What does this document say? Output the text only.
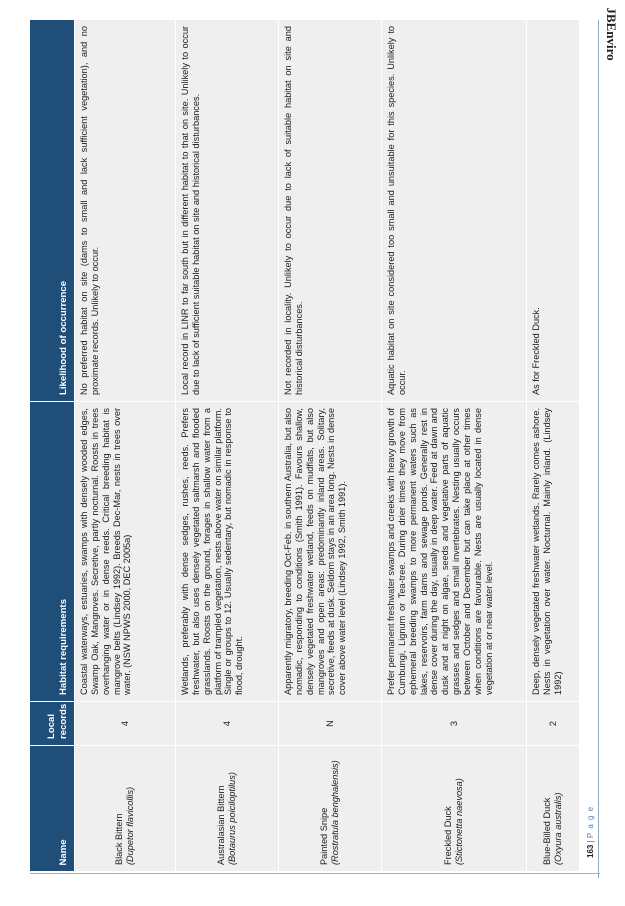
JBEnviro
Name	Local records	Habitat requirements	Likelihood of occurrence

Black Bittern (Dupetor flavicollis)	4	Coastal waterways, estuaries, swamps with densely wooded edges, Swamp Oak, Mangroves. Secretive, partly nocturnal. Roosts in trees overhanging water or in dense reeds. Critical breeding habitat is mangrove belts (Lindsey 1992). Breeds Dec-Mar, nests in trees over water. (NSW NPWS 2000, DEC 2005a)	No preferred habitat on site (dams to small and lack sufficient vegetation), and no proximate records. Unlikely to occur.

Australasian Bittern (Botaurus poiciloptilus)	4	Wetlands, preferably with dense sedges, rushes, reeds. Prefers freshwater, but also uses densely vegetated saltmarsh and flooded grasslands. Roosts on the ground, forages in shallow water from a platform of trampled vegetation, nests above water on similar platform. Single or groups to 12. Usually sedentary, but nomadic in response to flood, drought.	Local record in LINR to far south but in different habitat to that on site. Unlikely to occur due to lack of sufficient suitable habitat on site and historical disturbances.

Painted Snipe (Rostratula benghalensis)	N	Apparently migratory, breeding Oct-Feb. in southern Australia, but also nomadic, responding to conditions (Smith 1991). Favours shallow, densely vegetated freshwater wetland, feeds on mudflats, but also mangroves and open areas: predominantly inland areas. Solitary, secretive, feeds at dusk. Seldom stays in an area long. Nests in dense cover above water level (Lindsey 1992, Smith 1991).	Not recorded in locality. Unlikely to occur due to lack of suitable habitat on site and historical disturbances.

Freckled Duck (Stictonetta naevosa)	3	Prefer permanent freshwater swamps and creeks with heavy growth of Cumbungi, Lignum or Tea-tree. During drier times they move from ephemeral breeding swamps to more permanent waters such as lakes, reservoirs, farm dams and sewage ponds. Generally rest in dense cover during the day, usually in deep water. Feed at dawn and dusk and at night on algae, seeds and vegetative parts of aquatic grasses and sedges and small invertebrates. Nesting usually occurs between October and December but can take place at other times when conditions are favourable. Nests are usually located in dense vegetation at or near water level.	Aquatic habitat on site considered too small and unsuitable for this species. Unlikely to occur.

Blue-Billed Duck (Oxyura australis)	2	Deep, densely vegetated freshwater wetlands. Rarely comes ashore. Nests in vegetation over water. Nocturnal. Mainly inland. (Lindsey 1992)	As for Freckled Duck.
163 | P a g e
